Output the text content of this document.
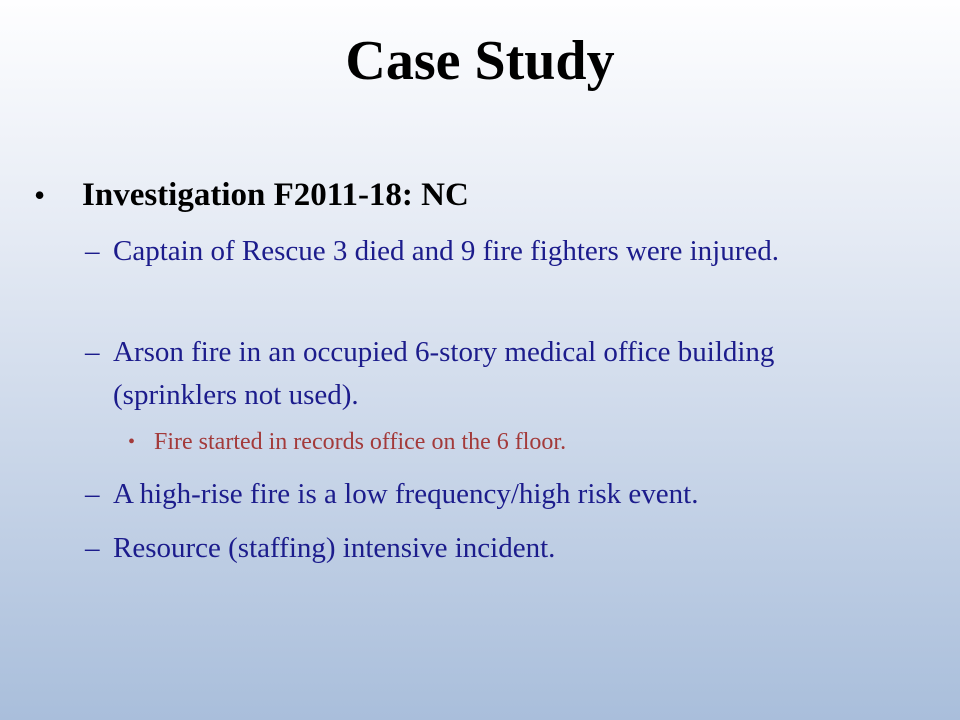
Case Study
• Investigation F2011-18: NC
– Captain of Rescue 3 died and 9 fire fighters were injured.
– Arson fire in an occupied 6-story medical office building (sprinklers not used).
• Fire started in records office on the 6 floor.
– A high-rise fire is a low frequency/high risk event.
– Resource (staffing) intensive incident.
